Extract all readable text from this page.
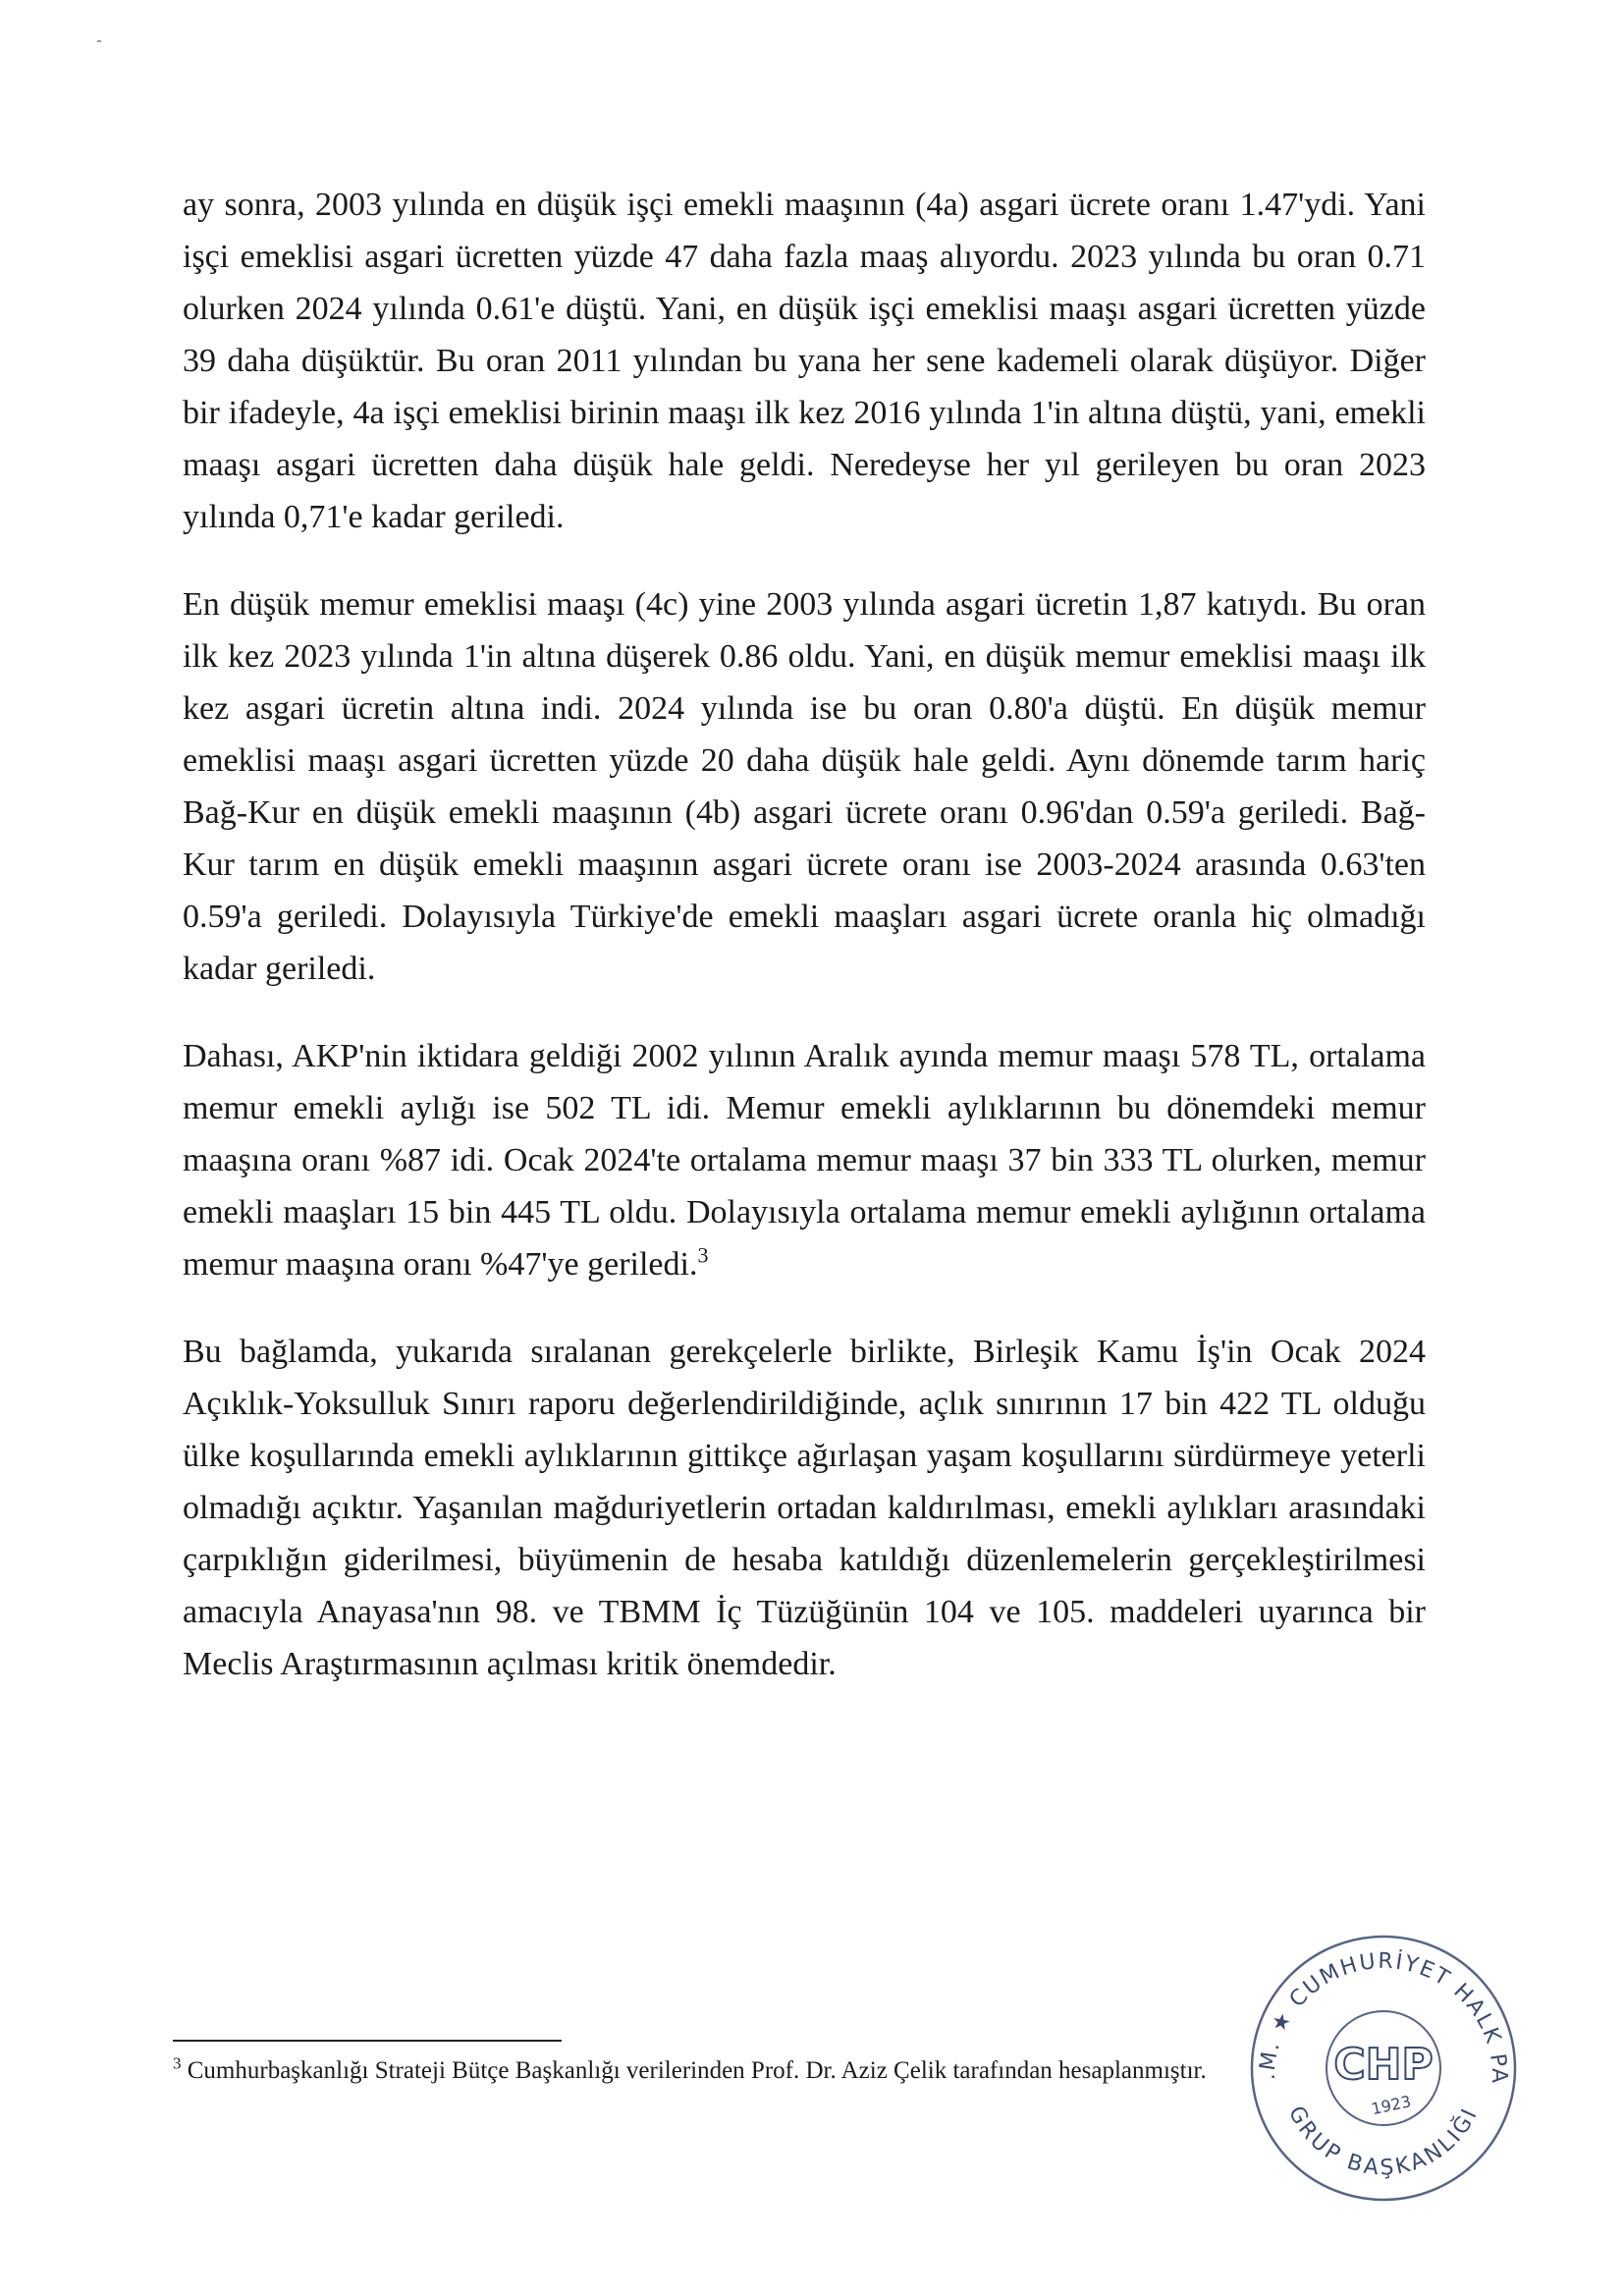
ay sonra, 2003 yılında en düşük işçi emekli maaşının (4a) asgari ücrete oranı 1.47'ydi. Yani işçi emeklisi asgari ücretten yüzde 47 daha fazla maaş alıyordu. 2023 yılında bu oran 0.71 olurken 2024 yılında 0.61'e düştü. Yani, en düşük işçi emeklisi maaşı asgari ücretten yüzde 39 daha düşüktür. Bu oran 2011 yılından bu yana her sene kademeli olarak düşüyor. Diğer bir ifadeyle, 4a işçi emeklisi birinin maaşı ilk kez 2016 yılında 1'in altına düştü, yani, emekli maaşı asgari ücretten daha düşük hale geldi. Neredeyse her yıl gerileyen bu oran 2023 yılında 0,71'e kadar geriledi.

En düşük memur emeklisi maaşı (4c) yine 2003 yılında asgari ücretin 1,87 katıydı. Bu oran ilk kez 2023 yılında 1'in altına düşerek 0.86 oldu. Yani, en düşük memur emeklisi maaşı ilk kez asgari ücretin altına indi. 2024 yılında ise bu oran 0.80'a düştü. En düşük memur emeklisi maaşı asgari ücretten yüzde 20 daha düşük hale geldi. Aynı dönemde tarım hariç Bağ-Kur en düşük emekli maaşının (4b) asgari ücrete oranı 0.96'dan 0.59'a geriledi. Bağ-Kur tarım en düşük emekli maaşının asgari ücrete oranı ise 2003-2024 arasında 0.63'ten 0.59'a geriledi. Dolayısıyla Türkiye'de emekli maaşları asgari ücrete oranla hiç olmadığı kadar geriledi.

Dahası, AKP'nin iktidara geldiği 2002 yılının Aralık ayında memur maaşı 578 TL, ortalama memur emekli aylığı ise 502 TL idi. Memur emekli aylıklarının bu dönemdeki memur maaşına oranı %87 idi. Ocak 2024'te ortalama memur maaşı 37 bin 333 TL olurken, memur emekli maaşları 15 bin 445 TL oldu. Dolayısıyla ortalama memur emekli aylığının ortalama memur maaşına oranı %47'ye geriledi.$^3$

Bu bağlamda, yukarıda sıralanan gerekçelerle birlikte, Birleşik Kamu İş'in Ocak 2024 Açıklık-Yoksulluk Sınırı raporu değerlendirildiğinde, açlık sınırının 17 bin 422 TL olduğu ülke koşullarında emekli aylıklarının gittikçe ağırlaşan yaşam koşullarını sürdürmeye yeterli olmadığı açıktır. Yaşanılan mağduriyetlerin ortadan kaldırılması, emekli aylıkları arasındaki çarpıklığın giderilmesi, büyümenin de hesaba katıldığı düzenlemelerin gerçekleştirilmesi amacıyla Anayasa'nın 98. ve TBMM İç Tüzüğünün 104 ve 105. maddeleri uyarınca bir Meclis Araştırmasının açılması kritik önemdedir.

$^3$ Cumhurbaşkanlığı Strateji Bütçe Başkanlığı verilerinden Prof. Dr. Aziz Çelik tarafından hesaplanmıştır.
T.B.M.M. ★ CUMHURİYET HALK PARTİSİ
GRUP BAŞKANLIĞI
CHP
1923
